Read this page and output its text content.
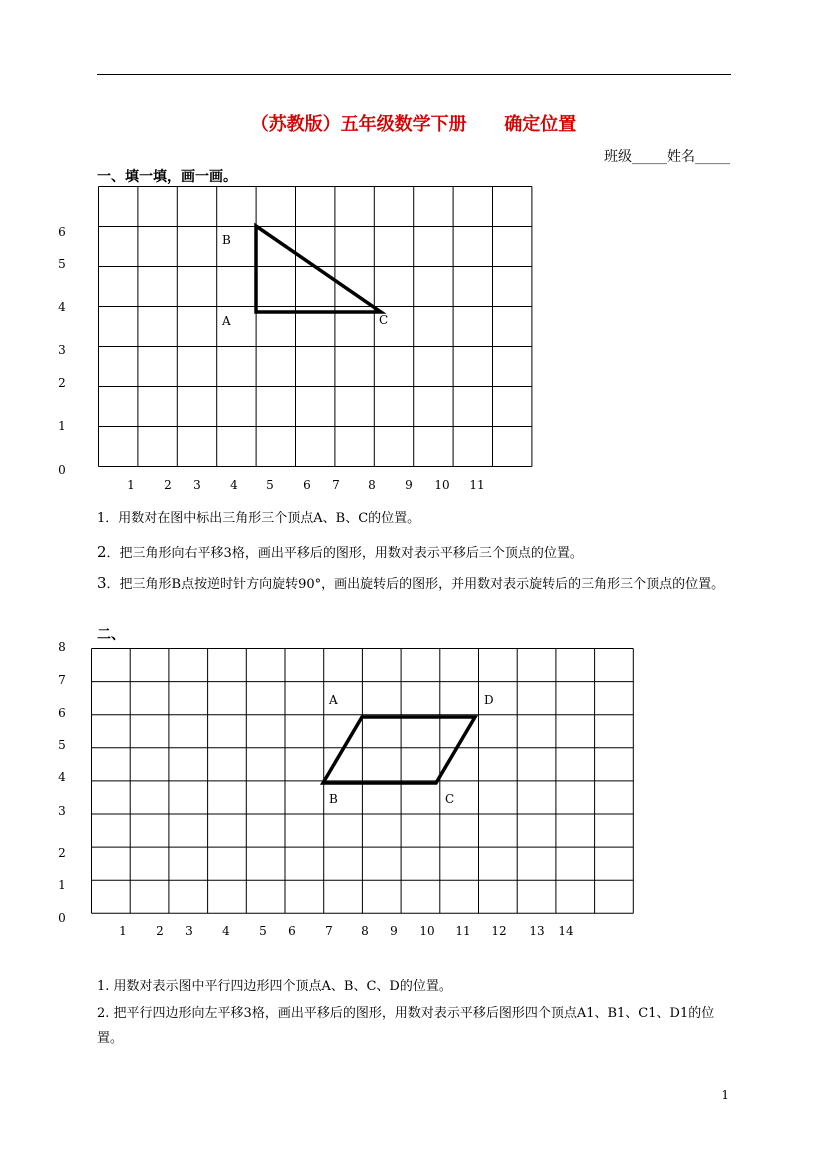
（苏教版）五年级数学下册      确定位置
班级_____姓名_____
一、填一填，画一画。
6
5
4
3
2
1
0
B
A	C
A	D
B	C
1	2	3	4	5	6	7	8	9	10	11
1．用数对在图中标出三角形三个顶点A、B、C的位置。
2．把三角形向右平移3格，画出平移后的图形，用数对表示平移后三个顶点的位置。
3．把三角形B点按逆时针方向旋转90°，画出旋转后的图形，并用数对表示旋转后的三角形三个顶点的位置。
二、
8
7
6
5
4
3
2
1
0
1	2	3	4	5	6	7	8	9	10	11	12	13	14
1. 用数对表示图中平行四边形四个顶点A、B、C、D的位置。
2. 把平行四边形向左平移3格，画出平移后的图形，用数对表示平移后图形四个顶点A1、B1、C1、D1的位置。
1
